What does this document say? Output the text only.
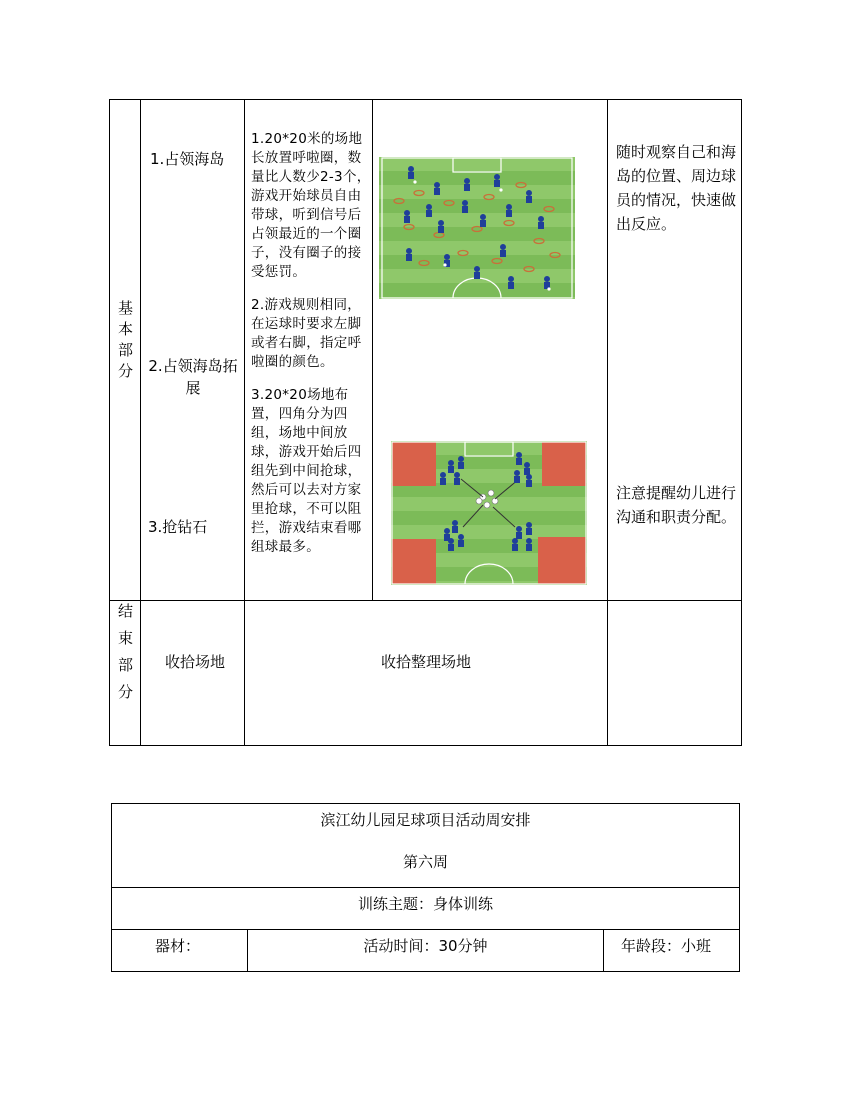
基本部分
结束部分
1.占领海岛
2.占领海岛拓展
3.抢钻石
收拾场地
1.20*20米的场地长放置呼啦圈，数量比人数少2-3个，游戏开始球员自由带球，听到信号后占领最近的一个圈子，没有圈子的接受惩罚。
2.游戏规则相同，在运球时要求左脚或者右脚，指定呼啦圈的颜色。
3.20*20场地布置，四角分为四组，场地中间放球，游戏开始后四组先到中间抢球，然后可以去对方家里抢球，不可以阻拦，游戏结束看哪组球最多。
收拾整理场地
随时观察自己和海岛的位置、周边球员的情况，快速做出反应。
注意提醒幼儿进行沟通和职责分配。
滨江幼儿园足球项目活动周安排
第六周
训练主题：身体训练
器材：	活动时间：30分钟	年龄段：小班
